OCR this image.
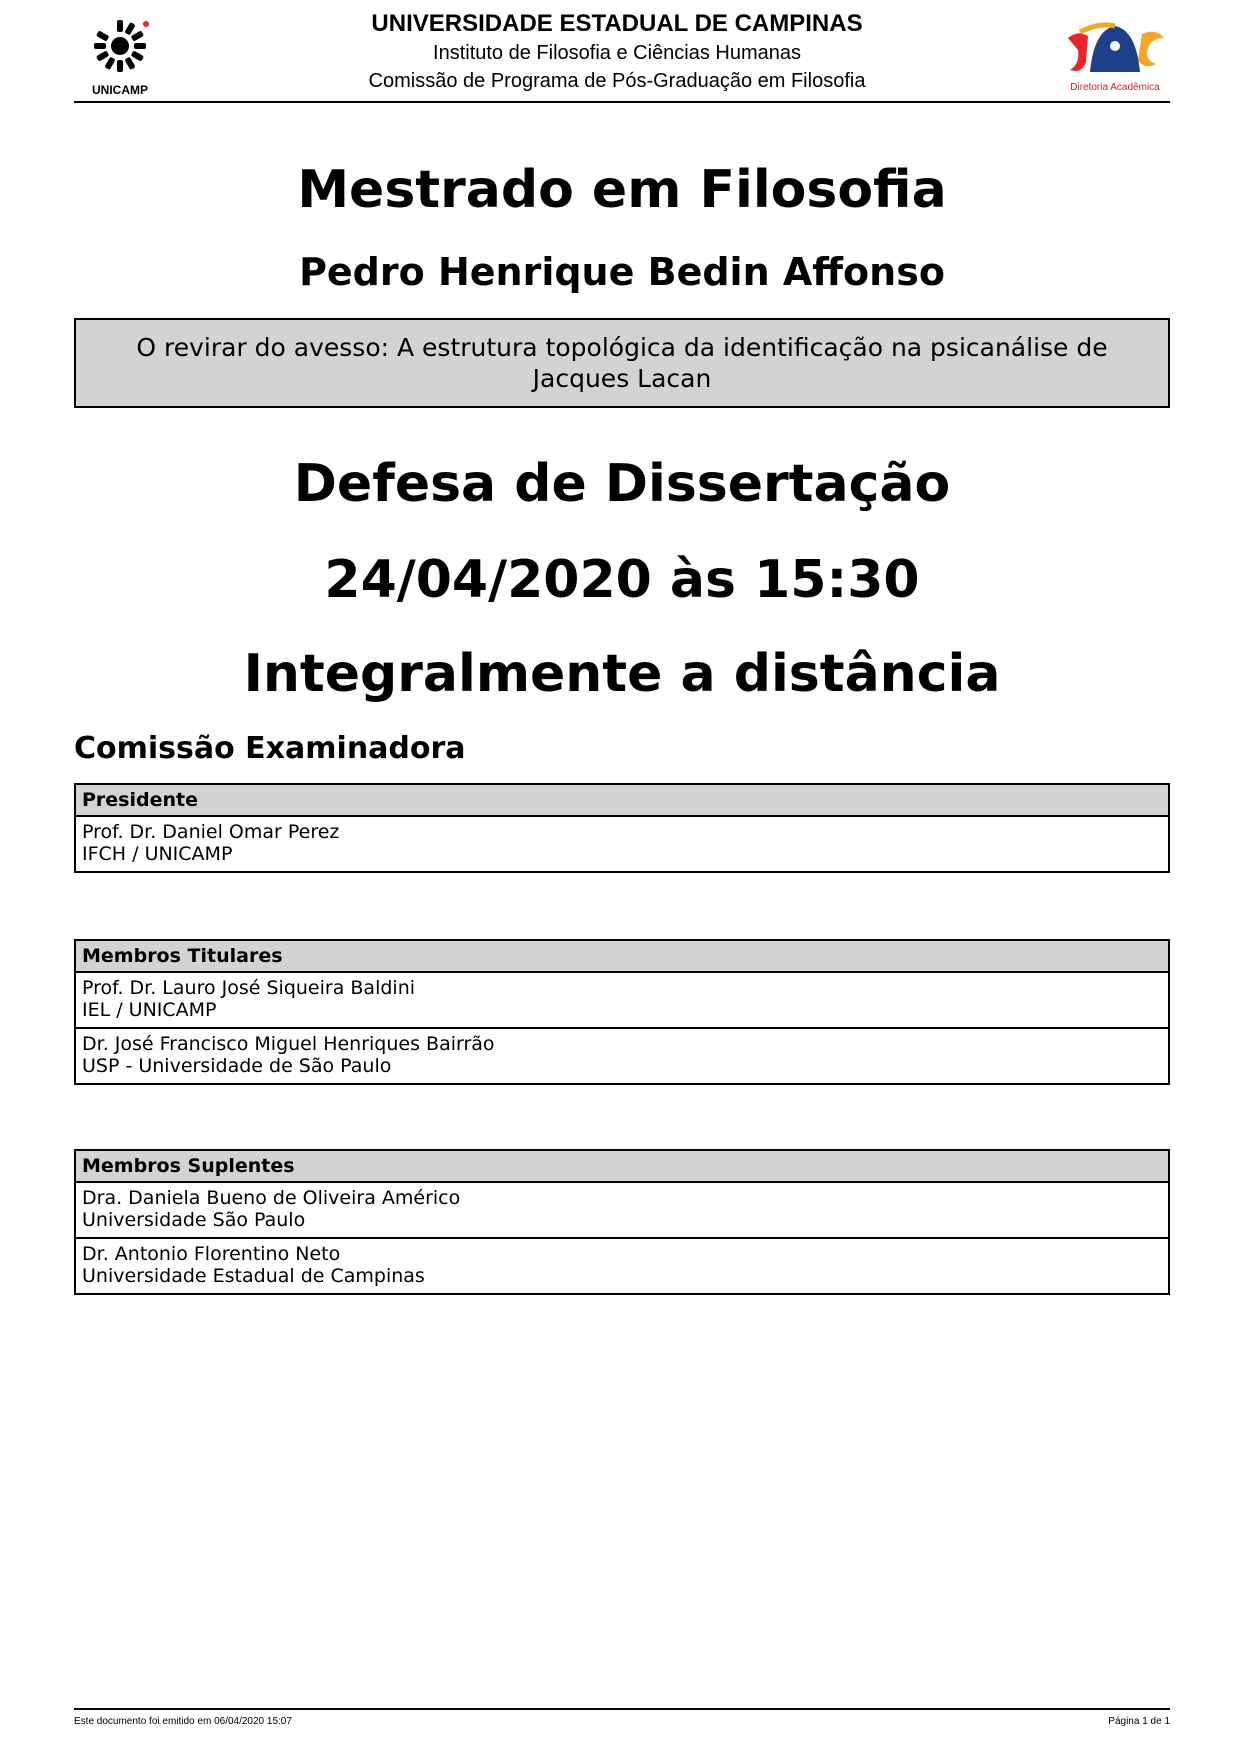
UNICAMP
UNIVERSIDADE ESTADUAL DE CAMPINAS
Instituto de Filosofia e Ciências Humanas
Comissão de Programa de Pós-Graduação em Filosofia	Diretoria Acadêmica
Mestrado em Filosofia
Pedro Henrique Bedin Affonso
O revirar do avesso: A estrutura topológica da identificação na psicanálise de Jacques Lacan
Defesa de Dissertação
24/04/2020 às 15:30
Integralmente a distância
Comissão Examinadora
Presidente
Prof. Dr. Daniel Omar Perez
IFCH / UNICAMP
Membros Titulares
Prof. Dr. Lauro José Siqueira Baldini
IEL / UNICAMP
Dr. José Francisco Miguel Henriques Bairrão
USP - Universidade de São Paulo
Membros Suplentes
Dra. Daniela Bueno de Oliveira Américo
Universidade São Paulo
Dr. Antonio Florentino Neto
Universidade Estadual de Campinas
Este documento foi emitido em 06/04/2020 15:07	Página 1 de 1
